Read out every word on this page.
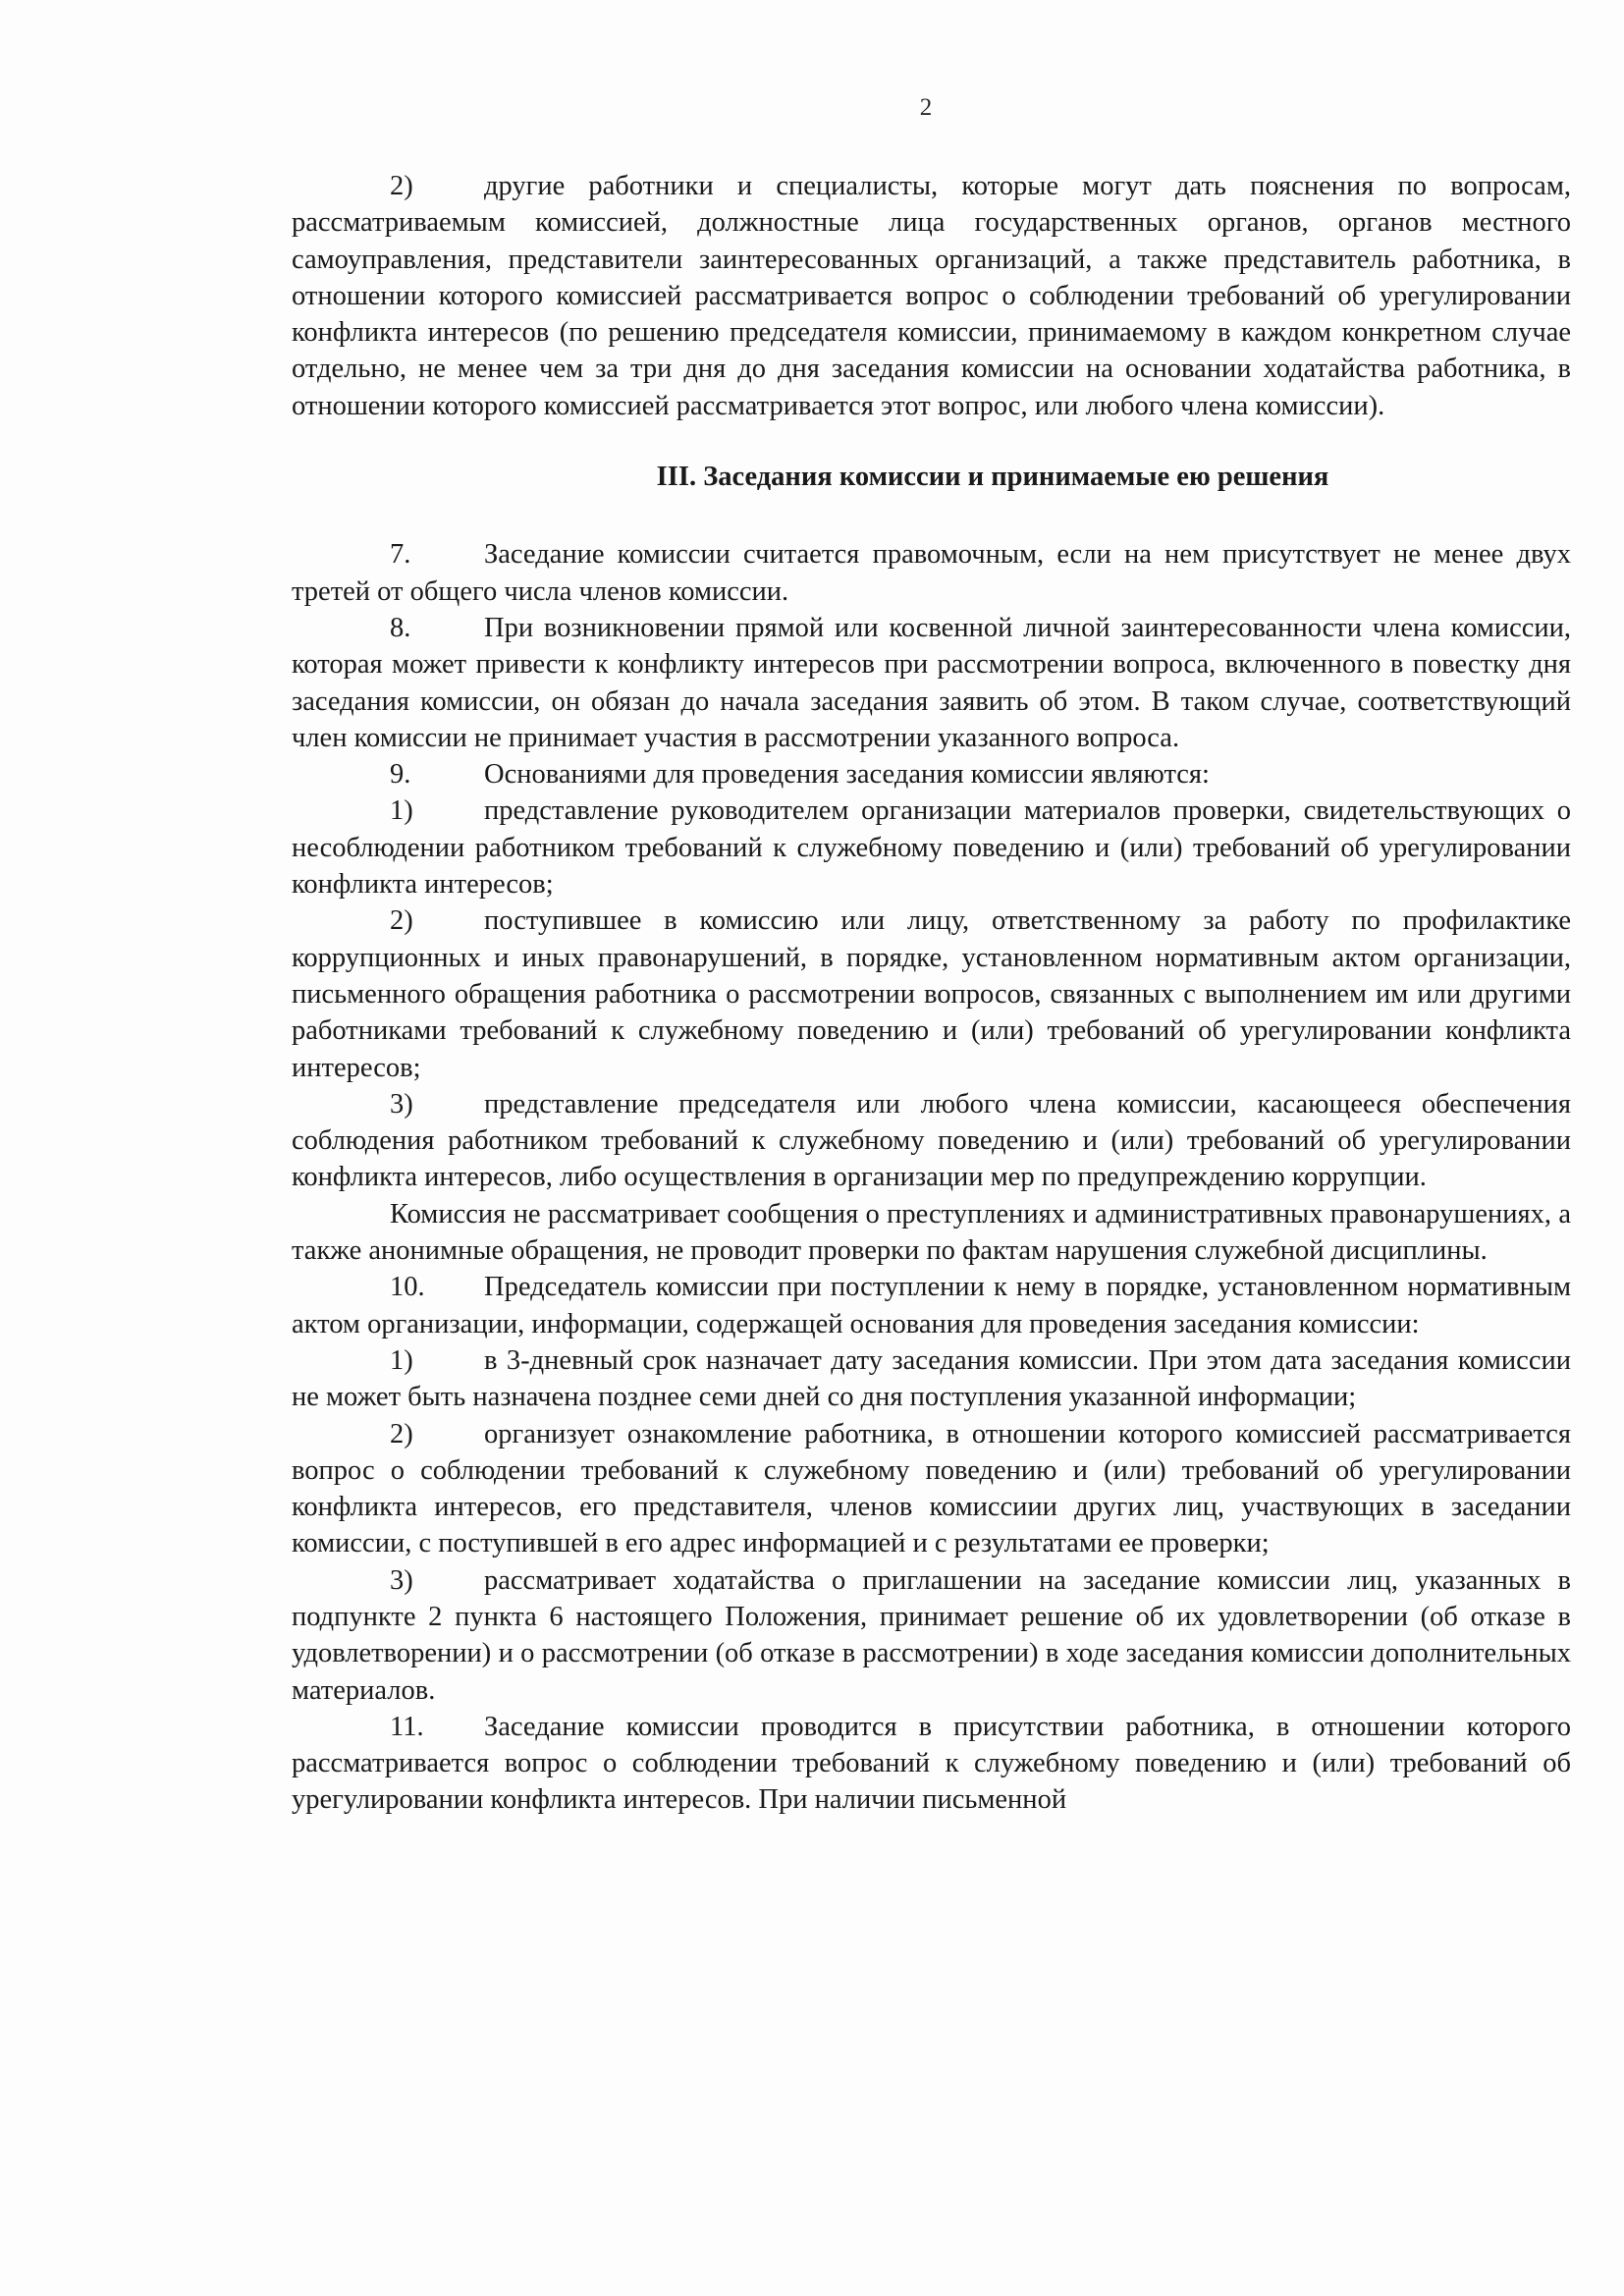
2

2)	другие работники и специалисты, которые могут дать пояснения по вопросам, рассматриваемым комиссией, должностные лица государственных органов, органов местного самоуправления, представители заинтересованных организаций, а также представитель работника, в отношении которого комиссией рассматривается вопрос о соблюдении требований об урегулировании конфликта интересов (по решению председателя комиссии, принимаемому в каждом конкретном случае отдельно, не менее чем за три дня до дня заседания комиссии на основании ходатайства работника, в отношении которого комиссией рассматривается этот вопрос, или любого члена комиссии).

III. Заседания комиссии и принимаемые ею решения

7.	Заседание комиссии считается правомочным, если на нем присутствует не менее двух третей от общего числа членов комиссии.

8.	При возникновении прямой или косвенной личной заинтересованности члена комиссии, которая может привести к конфликту интересов при рассмотрении вопроса, включенного в повестку дня заседания комиссии, он обязан до начала заседания заявить об этом. В таком случае, соответствующий член комиссии не принимает участия в рассмотрении указанного вопроса.

9.	Основаниями для проведения заседания комиссии являются:

1)	представление руководителем организации материалов проверки, свидетельствующих о несоблюдении работником требований к служебному поведению и (или) требований об урегулировании конфликта интересов;

2)	поступившее в комиссию или лицу, ответственному за работу по профилактике коррупционных и иных правонарушений, в порядке, установленном нормативным актом организации, письменного обращения работника о рассмотрении вопросов, связанных с выполнением им или другими работниками требований к служебному поведению и (или) требований об урегулировании конфликта интересов;

3)	представление председателя или любого члена комиссии, касающееся обеспечения соблюдения работником требований к служебному поведению и (или) требований об урегулировании конфликта интересов, либо осуществления в организации мер по предупреждению коррупции.

Комиссия не рассматривает сообщения о преступлениях и административных правонарушениях, а также анонимные обращения, не проводит проверки по фактам нарушения служебной дисциплины.

10. Председатель комиссии при поступлении к нему в порядке, установленном нормативным актом организации, информации, содержащей основания для проведения заседания комиссии:

1)	в 3-дневный срок назначает дату заседания комиссии. При этом дата заседания комиссии не может быть назначена позднее семи дней со дня поступления указанной информации;

2)	организует ознакомление работника, в отношении которого комиссией рассматривается вопрос о соблюдении требований к служебному поведению и (или) требований об урегулировании конфликта интересов, его представителя, членов комиссиии других лиц, участвующих в заседании комиссии, с поступившей в его адрес информацией и с результатами ее проверки;

3)	рассматривает ходатайства о приглашении на заседание комиссии лиц, указанных в подпункте 2 пункта 6 настоящего Положения, принимает решение об их удовлетворении (об отказе в удовлетворении) и о рассмотрении (об отказе в рассмотрении) в ходе заседания комиссии дополнительных материалов.

11. Заседание комиссии проводится в присутствии работника, в отношении которого рассматривается вопрос о соблюдении требований к служебному поведению и (или) требований об урегулировании конфликта интересов. При наличии письменной
